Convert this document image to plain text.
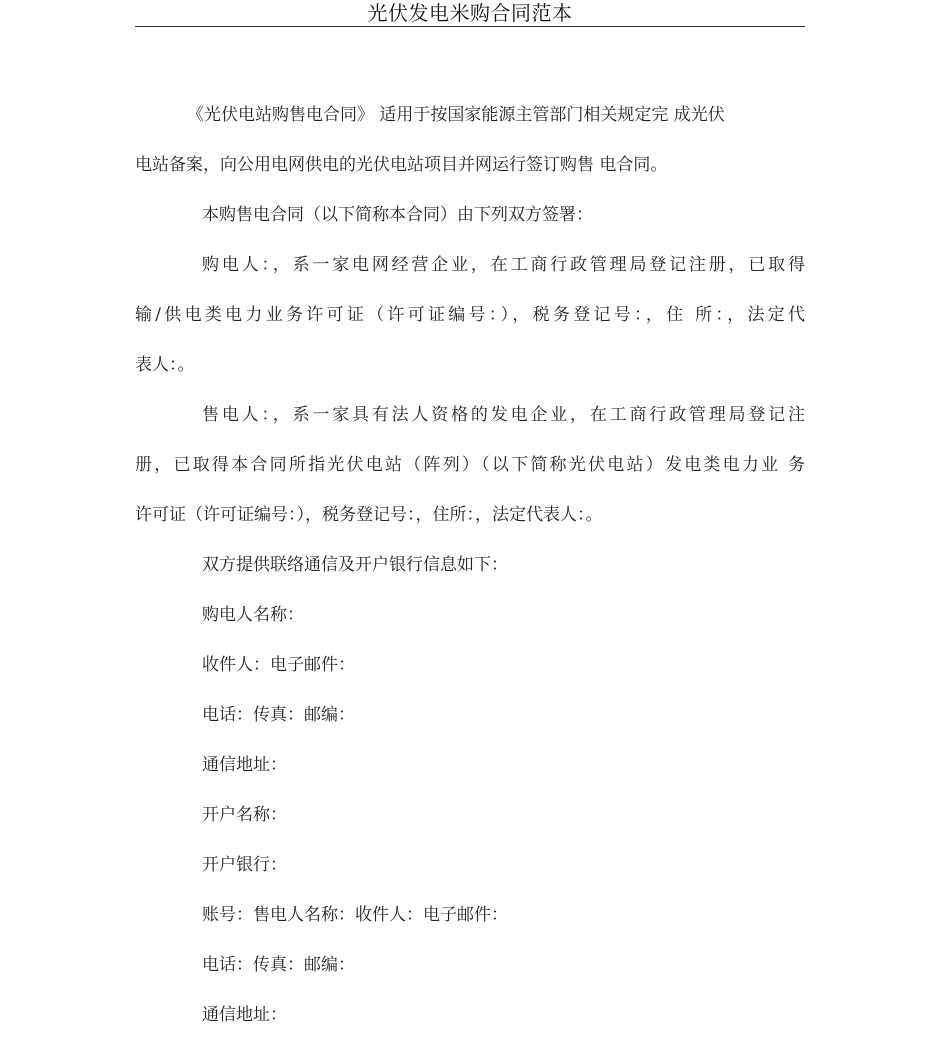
光伏发电米购合同范本
《光伏电站购售电合同》 适用于按国家能源主管部门相关规定完 成光伏
电站备案，向公用电网供电的光伏电站项目并网运行签订购售 电合同。
本购售电合同（以下简称本合同）由下列双方签署：
购电人：，系一家电网经营企业，在工商行政管理局登记注册，已取得
输/供电类电力业务许可证（许可证编号：），税务登记号：，住 所：，法定代
表人：。
售电人：，系一家具有法人资格的发电企业，在工商行政管理局登记注
册，已取得本合同所指光伏电站（阵列）（以下简称光伏电站）发电类电力业 务
许可证（许可证编号：），税务登记号：，住所：，法定代表人：。
双方提供联络通信及开户银行信息如下：
购电人名称：
收件人：电子邮件：
电话：传真：邮编：
通信地址：
开户名称：
开户银行：
账号：售电人名称：收件人：电子邮件：
电话：传真：邮编：
通信地址：
